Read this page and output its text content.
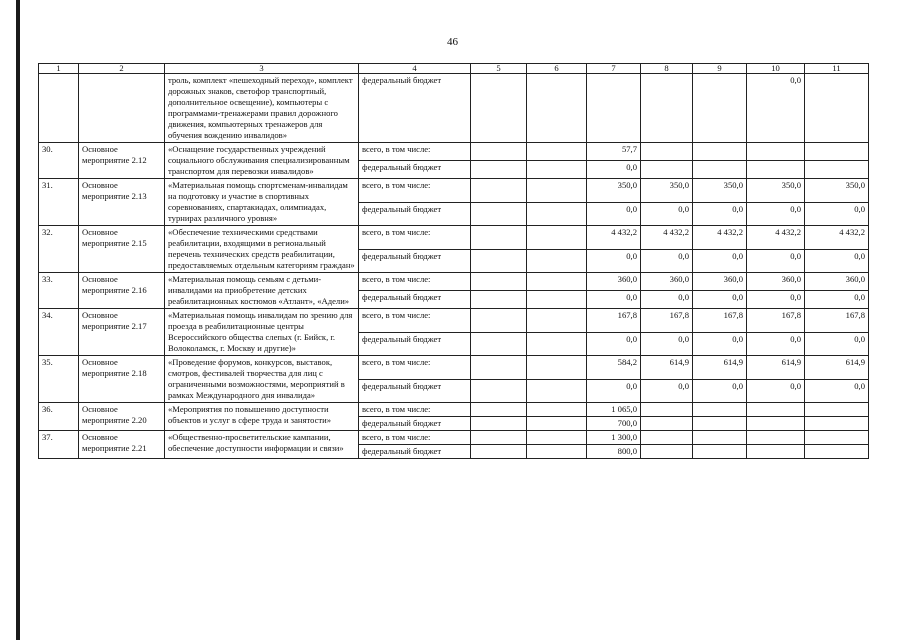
46
1	2	3	4	5	6	7	8	9	10	11
		троль, комплект «пешеходный переход», комплект дорожных знаков, светофор транспортный, дополнительное освещение), компьютеры с программами-тренажерами правил дорожного движения, компьютерных тренажеров для обучения вождению инвалидов»	федеральный бюджет						0,0	
30.	Основное мероприятие 2.12	«Оснащение государственных учреждений социального обслуживания специализированным транспортом для перевозки инвалидов»	всего, в том числе:			57,7				
			федеральный бюджет			0,0				
31.	Основное мероприятие 2.13	«Материальная помощь спортсменам-инвалидам на подготовку и участие в спортивных соревнованиях, спартакиадах, олимпиадах, турнирах различного уровня»	всего, в том числе:			350,0	350,0	350,0	350,0	350,0
			федеральный бюджет			0,0	0,0	0,0	0,0	0,0
32.	Основное мероприятие 2.15	«Обеспечение техническими средствами реабилитации, входящими в региональный перечень технических средств реабилитации, предоставляемых отдельным категориям граждан»	всего, в том числе:			4 432,2	4 432,2	4 432,2	4 432,2	4 432,2
			федеральный бюджет			0,0	0,0	0,0	0,0	0,0
33.	Основное мероприятие 2.16	«Материальная помощь семьям с детьми-инвалидами на приобретение детских реабилитационных костюмов «Атлант», «Адели»	всего, в том числе:			360,0	360,0	360,0	360,0	360,0
			федеральный бюджет			0,0	0,0	0,0	0,0	0,0
34.	Основное мероприятие 2.17	«Материальная помощь инвалидам по зрению для проезда в реабилитационные центры Всероссийского общества слепых (г. Бийск, г. Волоколамск, г. Москву и другие)»	всего, в том числе:			167,8	167,8	167,8	167,8	167,8
			федеральный бюджет			0,0	0,0	0,0	0,0	0,0
35.	Основное мероприятие 2.18	«Проведение форумов, конкурсов, выставок, смотров, фестивалей творчества для лиц с ограниченными возможностями, мероприятий в рамках Международного дня инвалида»	всего, в том числе:			584,2	614,9	614,9	614,9	614,9
			федеральный бюджет			0,0	0,0	0,0	0,0	0,0
36.	Основное мероприятие 2.20	«Мероприятия по повышению доступности объектов и услуг в сфере труда и занятости»	всего, в том числе:			1 065,0				
			федеральный бюджет			700,0				
37.	Основное мероприятие 2.21	«Общественно-просветительские кампании, обеспечение доступности информации и связи»	всего, в том числе:			1 300,0				
			федеральный бюджет			800,0				
